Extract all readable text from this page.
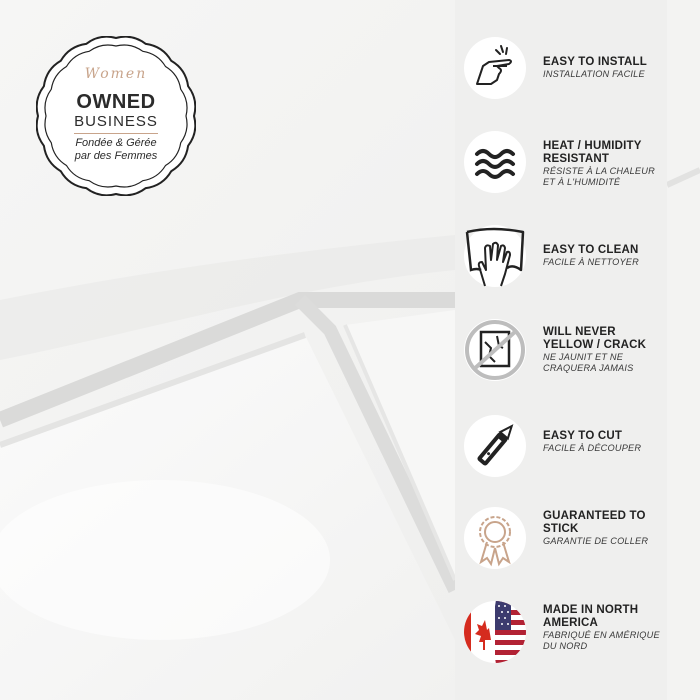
Women
OWNED
BUSINESS
Fondée & Gérée
par des Femmes
EASY TO INSTALL
INSTALLATION FACILE
HEAT / HUMIDITY RESISTANT
RÉSISTE À LA CHALEUR ET À L'HUMIDITÉ
EASY TO CLEAN
FACILE À NETTOYER
WILL NEVER YELLOW / CRACK
NE JAUNIT ET NE CRAQUERA JAMAIS
EASY TO CUT
FACILE À DÉCOUPER
GUARANTEED TO STICK
GARANTIE DE COLLER
MADE IN NORTH AMERICA
FABRIQUÉ EN AMÉRIQUE DU NORD
